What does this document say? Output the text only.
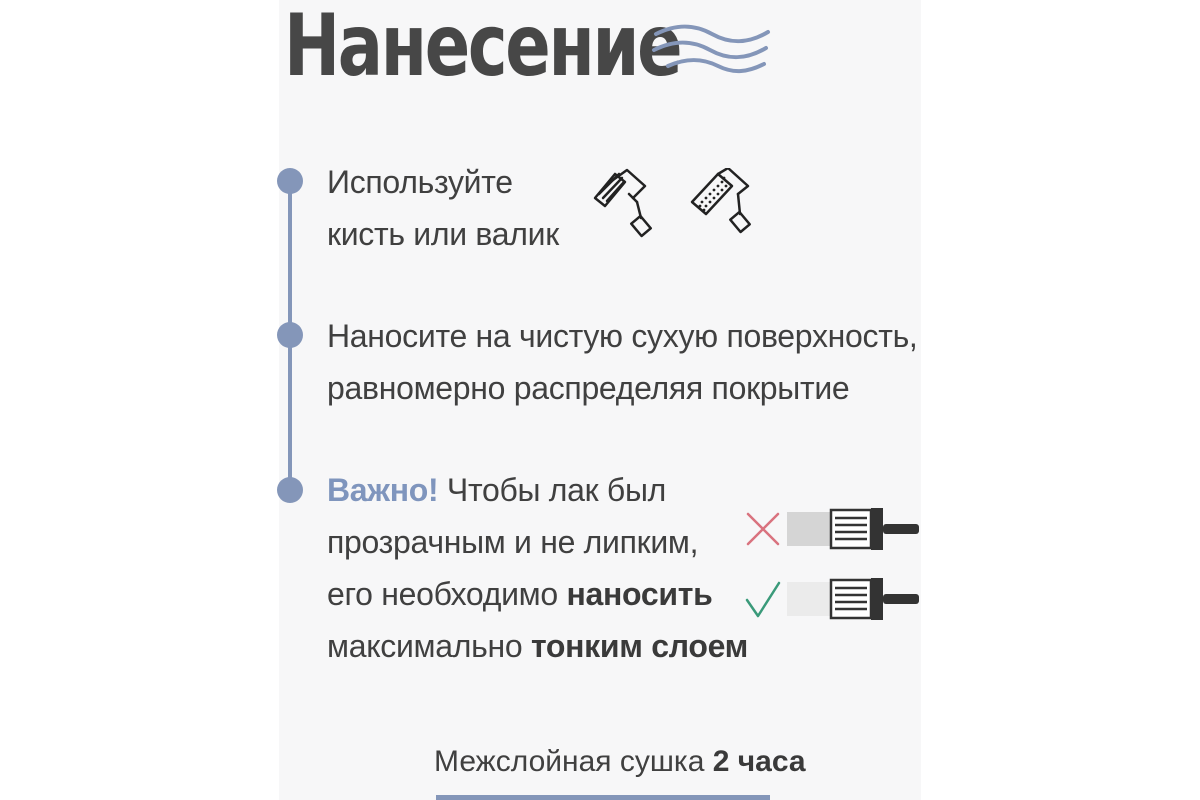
Нанесение
Используйте
кисть или валик
Наносите на чистую сухую поверхность,
равномерно распределяя покрытие
Важно! Чтобы лак был
прозрачным и не липким,
его необходимо наносить
максимально тонким слоем
Межслойная сушка 2 часа
